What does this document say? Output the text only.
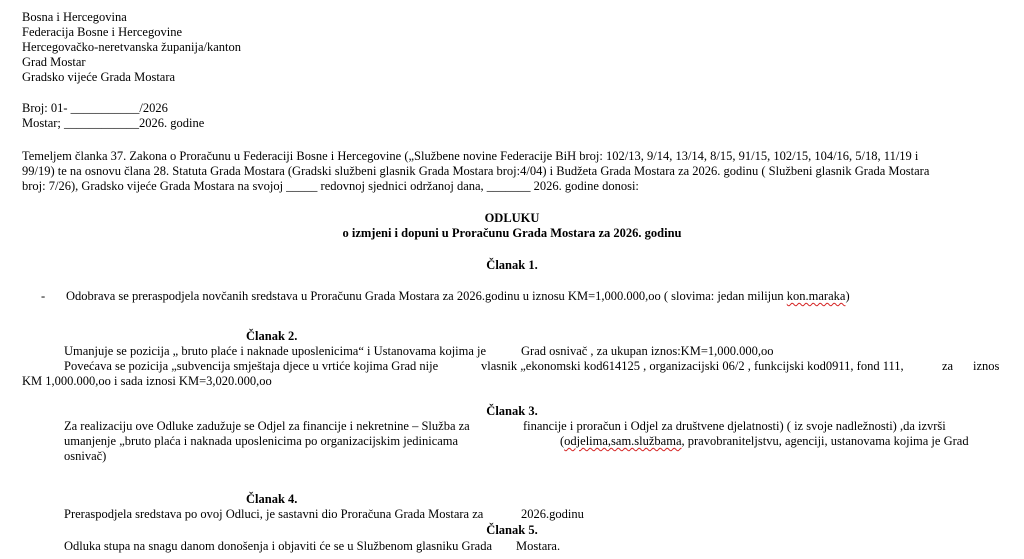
Bosna i Hercegovina
Federacija Bosne i Hercegovine
Hercegovačko-neretvanska županija/kanton
Grad Mostar
Gradsko vijeće Grada Mostara
Broj: 01- ___________/2026
Mostar; ____________2026. godine
Temeljem članka 37. Zakona o Proračunu u Federaciji Bosne i Hercegovine („Službene novine Federacije BiH broj: 102/13, 9/14, 13/14, 8/15, 91/15, 102/15, 104/16, 5/18, 11/19 i
99/19) te na osnovu člana 28. Statuta Grada Mostara (Gradski službeni glasnik Grada Mostara broj:4/04) i Budžeta Grada Mostara za 2026. godinu ( Službeni glasnik Grada Mostara
broj: 7/26), Gradsko vijeće Grada Mostara na svojoj _____ redovnoj sjednici održanoj dana, _______ 2026. godine donosi:
ODLUKU
o izmjeni i dopuni u Proračunu Grada Mostara za 2026. godinu
Članak 1.
- Odobrava se preraspodjela novčanih sredstava u Proračunu Grada Mostara za 2026.godinu u iznosu KM=1,000.000,oo ( slovima: jedan milijun kon.maraka)
Članak 2.
Umanjuje se pozicija „ bruto plaće i naknade uposlenicima“ i Ustanovama kojima je	Grad osnivač , za ukupan iznos:KM=1,000.000,oo
Povećava se pozicija „subvencija smještaja djece u vrtiće kojima Grad nije	vlasnik „ekonomski kod614125 , organizacijski 06/2 , funkcijski kod0911, fond 111,	za iznos
KM 1,000.000,oo i sada iznosi KM=3,020.000,oo
Članak 3.
Za realizaciju ove Odluke zadužuje se Odjel za financije i nekretnine – Služba za	financije i proračun i Odjel za društvene djelatnosti) ( iz svoje nadležnosti) ,da izvrši
umanjenje „bruto plaća i naknada uposlenicima po organizacijskim jedinicama	(odjelima,sam.službama, pravobraniteljstvu, agenciji, ustanovama kojima je Grad
osnivač)
Članak 4.
Preraspodjela sredstava po ovoj Odluci, je sastavni dio Proračuna Grada Mostara za	2026.godinu
Članak 5.
Odluka stupa na snagu danom donošenja i objaviti će se u Službenom glasniku Grada Mostara.
